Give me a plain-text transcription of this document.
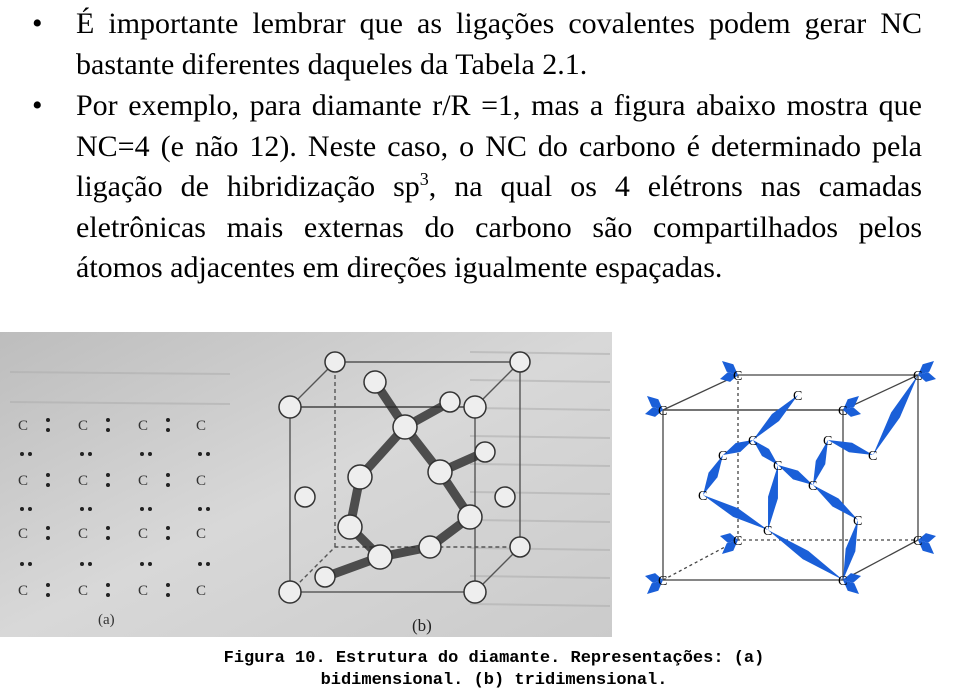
• É importante lembrar que as ligações covalentes podem gerar NC bastante diferentes daqueles da Tabela 2.1.
• Por exemplo, para diamante r/R =1, mas a figura abaixo mostra que NC=4 (e não 12). Neste caso, o NC do carbono é determinado pela ligação de hibridização $sp^3$, na qual os 4 elétrons nas camadas eletrônicas mais externas do carbono são compartilhados pelos átomos adjacentes em direções igualmente espaçadas.
C	C	C	C
C	C	C	C
C	C	C	C
C	C	C	C
(a)	(b)
C	C
C
C
C	C
C
C
C
C
C
C
C
C
C
C
C
C
Figura 10. Estrutura do diamante. Representações: (a) bidimensional. (b) tridimensional.
